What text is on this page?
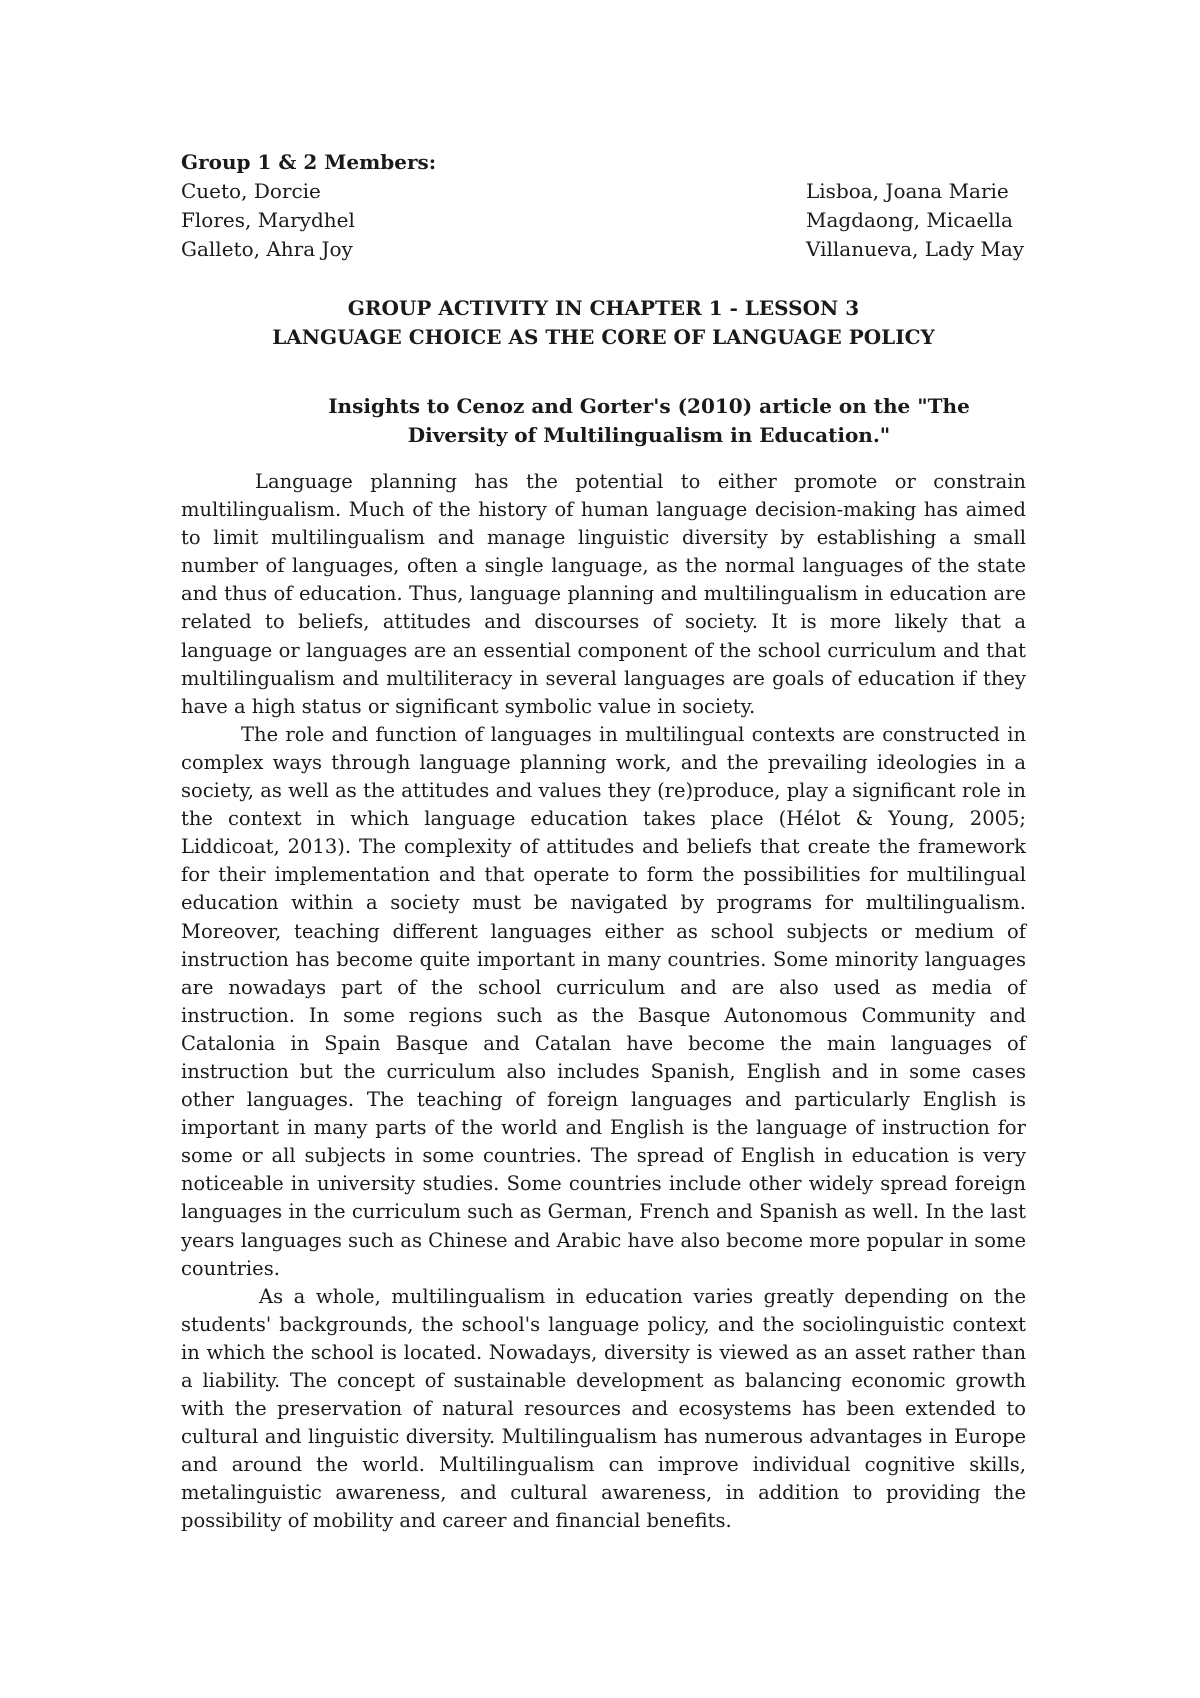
Group 1 & 2 Members:
Cueto, Dorcie
Flores, Marydhel
Galleto, Ahra Joy
Lisboa, Joana Marie
Magdaong, Micaella
Villanueva, Lady May
GROUP ACTIVITY IN CHAPTER 1 - LESSON 3
LANGUAGE CHOICE AS THE CORE OF LANGUAGE POLICY
Insights to Cenoz and Gorter's (2010) article on the "The Diversity of Multilingualism in Education."

Language planning has the potential to either promote or constrain multilingualism. Much of the history of human language decision-making has aimed to limit multilingualism and manage linguistic diversity by establishing a small number of languages, often a single language, as the normal languages of the state and thus of education. Thus, language planning and multilingualism in education are related to beliefs, attitudes and discourses of society. It is more likely that a language or languages are an essential component of the school curriculum and that multilingualism and multiliteracy in several languages are goals of education if they have a high status or significant symbolic value in society.

The role and function of languages in multilingual contexts are constructed in complex ways through language planning work, and the prevailing ideologies in a society, as well as the attitudes and values they (re)produce, play a significant role in the context in which language education takes place (Hélot & Young, 2005; Liddicoat, 2013). The complexity of attitudes and beliefs that create the framework for their implementation and that operate to form the possibilities for multilingual education within a society must be navigated by programs for multilingualism. Moreover, teaching different languages either as school subjects or medium of instruction has become quite important in many countries. Some minority languages are nowadays part of the school curriculum and are also used as media of instruction. In some regions such as the Basque Autonomous Community and Catalonia in Spain Basque and Catalan have become the main languages of instruction but the curriculum also includes Spanish, English and in some cases other languages. The teaching of foreign languages and particularly English is important in many parts of the world and English is the language of instruction for some or all subjects in some countries. The spread of English in education is very noticeable in university studies. Some countries include other widely spread foreign languages in the curriculum such as German, French and Spanish as well. In the last years languages such as Chinese and Arabic have also become more popular in some countries.

As a whole, multilingualism in education varies greatly depending on the students' backgrounds, the school's language policy, and the sociolinguistic context in which the school is located. Nowadays, diversity is viewed as an asset rather than a liability. The concept of sustainable development as balancing economic growth with the preservation of natural resources and ecosystems has been extended to cultural and linguistic diversity. Multilingualism has numerous advantages in Europe and around the world. Multilingualism can improve individual cognitive skills, metalinguistic awareness, and cultural awareness, in addition to providing the possibility of mobility and career and financial benefits.
